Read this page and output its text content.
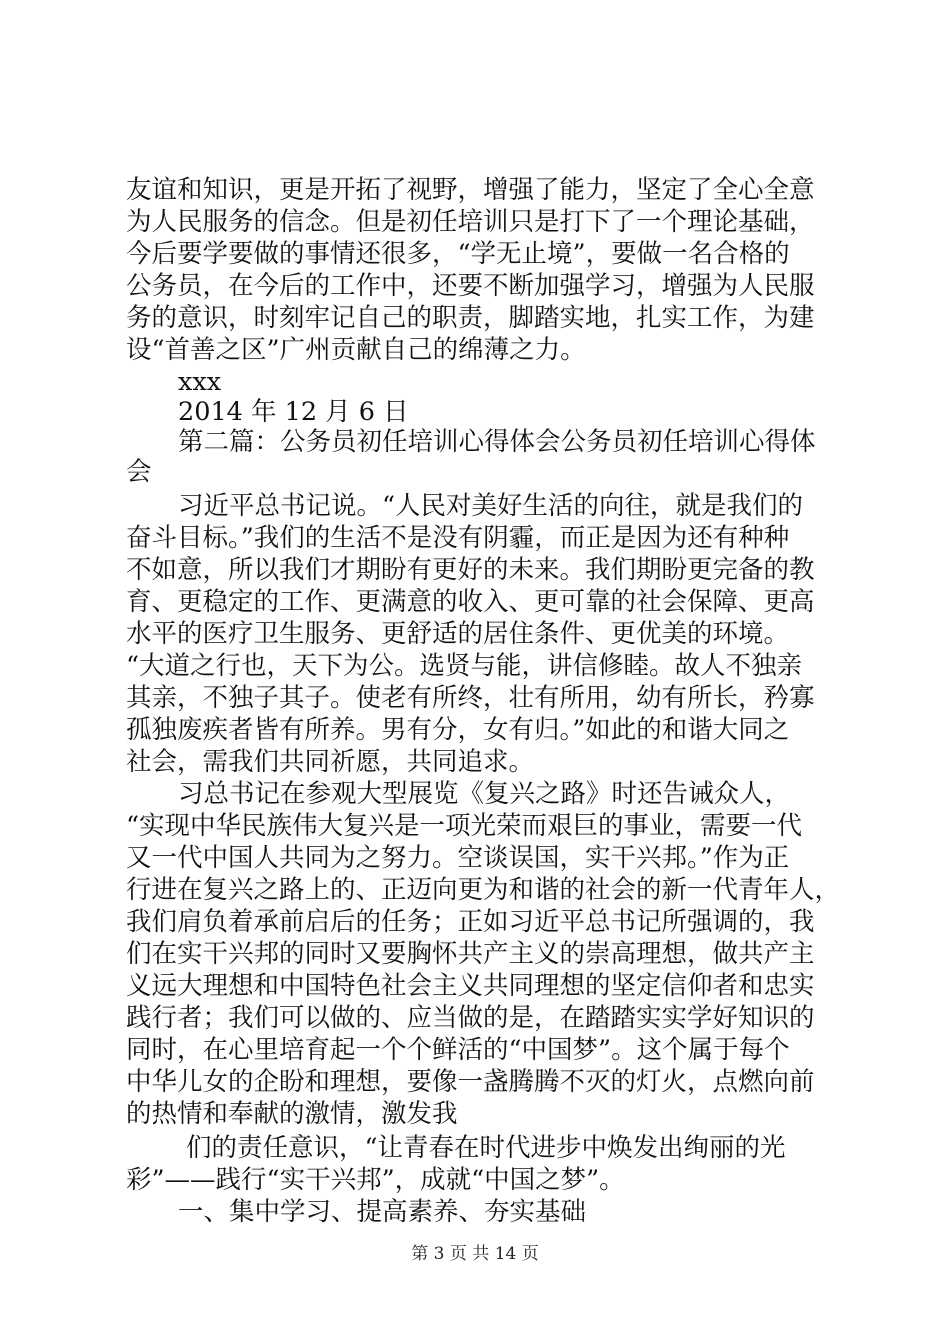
友谊和知识，更是开拓了视野，增强了能力，坚定了全心全意
为人民服务的信念。但是初任培训只是打下了一个理论基础，
今后要学要做的事情还很多，“学无止境”，要做一名合格的
公务员，在今后的工作中，还要不断加强学习，增强为人民服
务的意识，时刻牢记自己的职责，脚踏实地，扎实工作，为建
设“首善之区”广州贡献自己的绵薄之力。
xxx
2014 年 12 月 6 日
第二篇：公务员初任培训心得体会公务员初任培训心得体
会
习近平总书记说。“人民对美好生活的向往，就是我们的
奋斗目标。”我们的生活不是没有阴霾，而正是因为还有种种
不如意，所以我们才期盼有更好的未来。我们期盼更完备的教
育、更稳定的工作、更满意的收入、更可靠的社会保障、更高
水平的医疗卫生服务、更舒适的居住条件、更优美的环境。
“大道之行也，天下为公。选贤与能，讲信修睦。故人不独亲
其亲，不独子其子。使老有所终，壮有所用，幼有所长，矜寡
孤独废疾者皆有所养。男有分，女有归。”如此的和谐大同之
社会，需我们共同祈愿，共同追求。
习总书记在参观大型展览《复兴之路》时还告诫众人，
“实现中华民族伟大复兴是一项光荣而艰巨的事业，需要一代
又一代中国人共同为之努力。空谈误国，实干兴邦。”作为正
行进在复兴之路上的、正迈向更为和谐的社会的新一代青年人，
我们肩负着承前启后的任务；正如习近平总书记所强调的，我
们在实干兴邦的同时又要胸怀共产主义的崇高理想，做共产主
义远大理想和中国特色社会主义共同理想的坚定信仰者和忠实
践行者；我们可以做的、应当做的是，在踏踏实实学好知识的
同时，在心里培育起一个个鲜活的“中国梦”。这个属于每个
中华儿女的企盼和理想，要像一盏腾腾不灭的灯火，点燃向前
的热情和奉献的激情，激发我
们的责任意识，“让青春在时代进步中焕发出绚丽的光
彩”——践行“实干兴邦”，成就“中国之梦”。
一、集中学习、提高素养、夯实基础
第 3 页 共 14 页
